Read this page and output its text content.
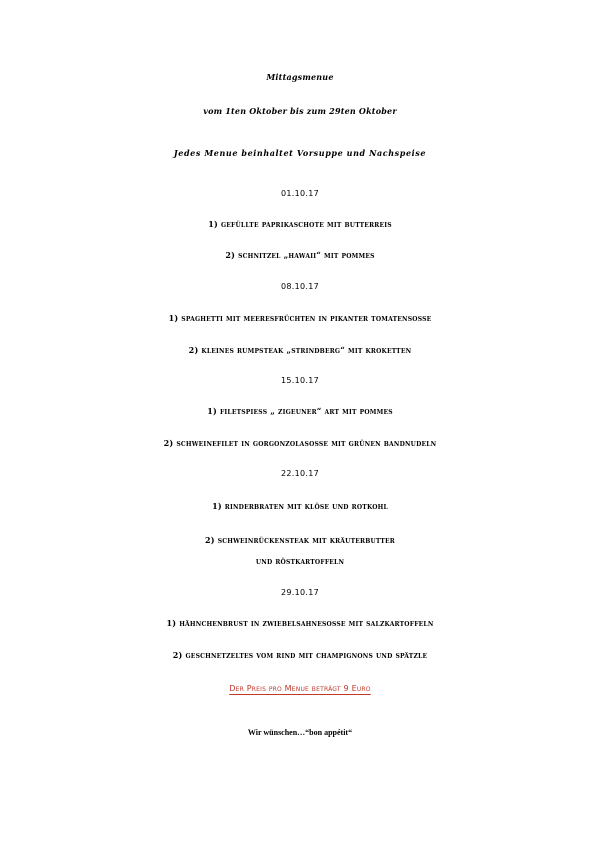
Mittagsmenue
vom 1ten Oktober bis zum 29ten Oktober
Jedes Menue beinhaltet Vorsuppe und Nachspeise
01.10.17
1) gefüllte paprikaschote mit butterreis
2) schnitzel „hawaii“ mit pommes
08.10.17
1) spaghetti mit meeresfrüchten in pikanter tomatensosse
2) kleines rumpsteak „strindberg“ mit kroketten
15.10.17
1) filetspiess „ zigeuner“ art mit pommes
2) schweinefilet in gorgonzolasosse mit grünen bandnudeln
22.10.17
1) rinderbraten mit klöse und rotkohl
2) schweinrückensteak mit kräuterbutter
und röstkartoffeln
29.10.17
1) hähnchenbrust in zwiebelsahnesosse mit salzkartoffeln
2) geschnetzeltes vom rind mit champignons und spätzle
Der Preis pro Menue beträgt 9 Euro
Wir wünschen…“bon appétit“
